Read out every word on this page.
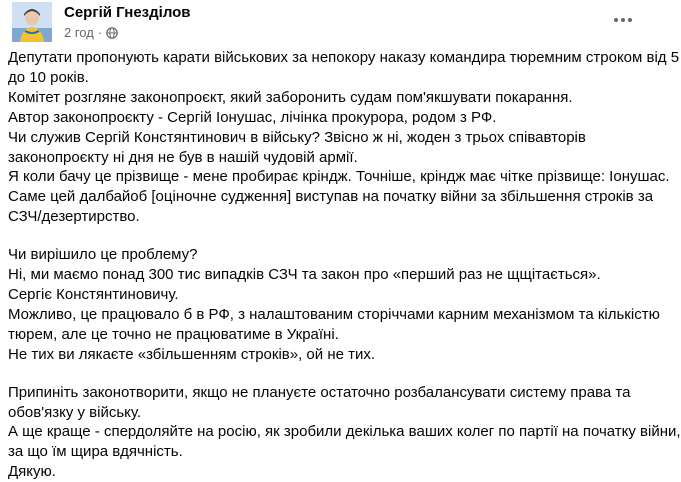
Сергій Гнезділов
2 год ·
Депутати пропонують карати військових за непокору наказу командира тюремним строком від 5
до 10 років.
Комітет розгляне законопроєкт, який заборонить судам пом'якшувати покарання.
Автор законопроєкту - Сергій Іонушас, лічінка прокурора, родом з РФ.
Чи служив Сергій Констянтинович в війську? Звісно ж ні, жоден з трьох співавторів
законопроєкту ні дня не був в нашій чудовій армії.
Я коли бачу це прізвище - мене пробирає кріндж. Точніше, кріндж має чітке прізвище: Іонушас.
Саме цей далбайоб [оціночне судження] виступав на початку війни за збільшення строків за
СЗЧ/дезертирство.
Чи вирішило це проблему?
Ні, ми маємо понад 300 тис випадків СЗЧ та закон про «перший раз не щщітається».
Сергіє Констянтиновичу.
Можливо, це працювало б в РФ, з налаштованим сторіччами карним механізмом та кількістю
тюрем, але це точно не працюватиме в Україні.
Не тих ви лякаєте «збільшенням строків», ой не тих.
Припиніть законотворити, якщо не плануєте остаточно розбалансувати систему права та
обов'язку у війську.
А ще краще - спердоляйте на росію, як зробили декілька ваших колег по партії на початку війни,
за що їм щира вдячність.
Дякую.
